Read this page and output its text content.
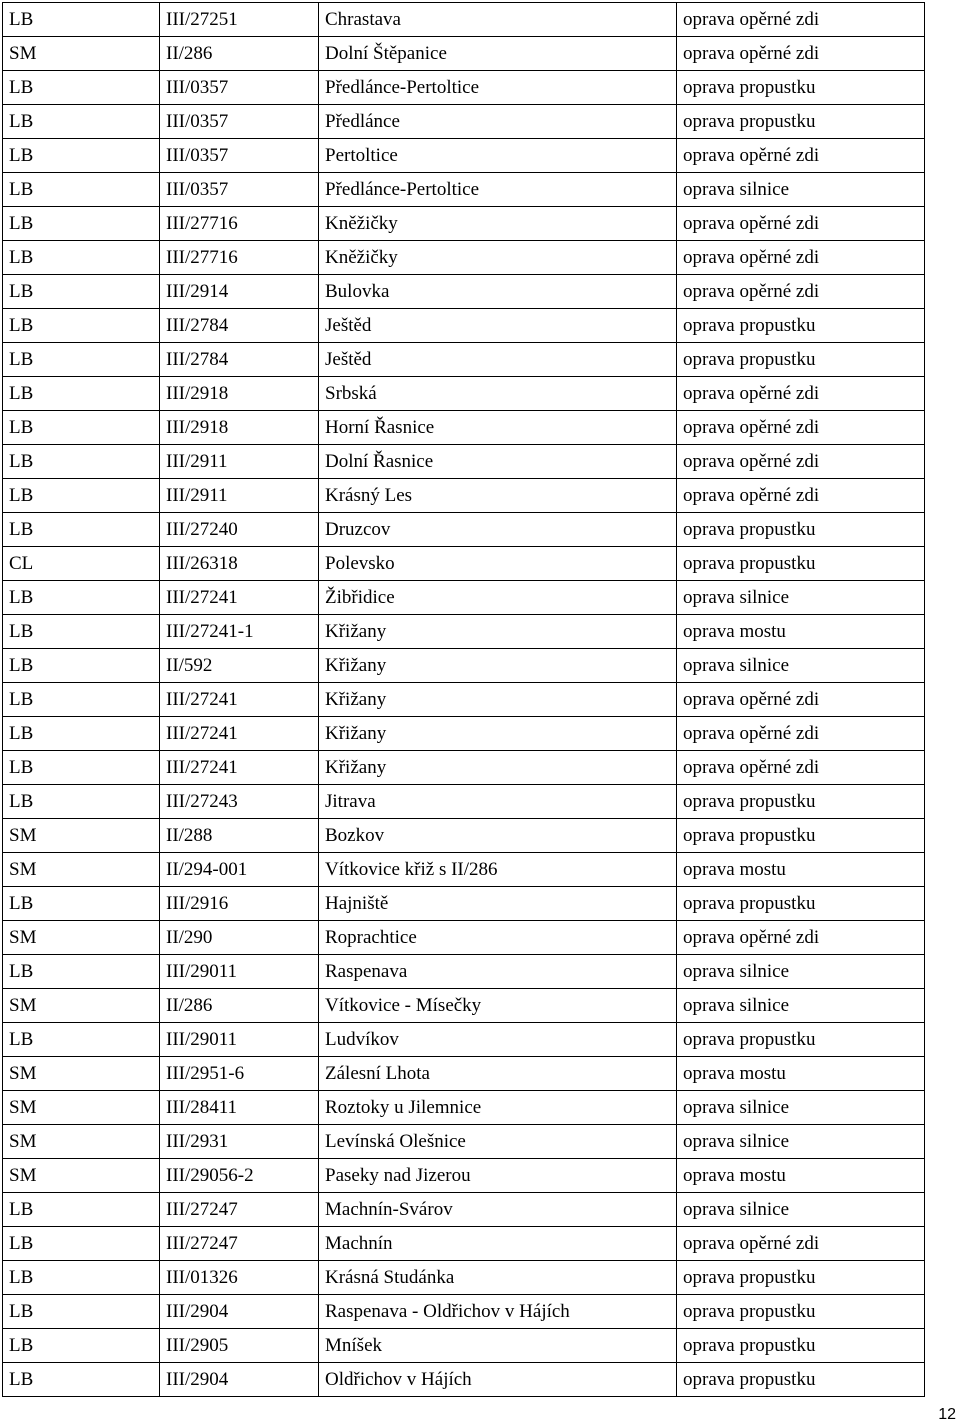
LB	III/27251	Chrastava	oprava opěrné zdi
SM	II/286	Dolní Štěpanice	oprava opěrné zdi
LB	III/0357	Předlánce-Pertoltice	oprava propustku
LB	III/0357	Předlánce	oprava propustku
LB	III/0357	Pertoltice	oprava opěrné zdi
LB	III/0357	Předlánce-Pertoltice	oprava silnice
LB	III/27716	Kněžičky	oprava opěrné zdi
LB	III/27716	Kněžičky	oprava opěrné zdi
LB	III/2914	Bulovka	oprava opěrné zdi
LB	III/2784	Ještěd	oprava propustku
LB	III/2784	Ještěd	oprava propustku
LB	III/2918	Srbská	oprava opěrné zdi
LB	III/2918	Horní Řasnice	oprava opěrné zdi
LB	III/2911	Dolní Řasnice	oprava opěrné zdi
LB	III/2911	Krásný Les	oprava opěrné zdi
LB	III/27240	Druzcov	oprava propustku
CL	III/26318	Polevsko	oprava propustku
LB	III/27241	Žibřidice	oprava silnice
LB	III/27241-1	Křižany	oprava mostu
LB	II/592	Křižany	oprava silnice
LB	III/27241	Křižany	oprava opěrné zdi
LB	III/27241	Křižany	oprava opěrné zdi
LB	III/27241	Křižany	oprava opěrné zdi
LB	III/27243	Jitrava	oprava propustku
SM	II/288	Bozkov	oprava propustku
SM	II/294-001	Vítkovice křiž s II/286	oprava mostu
LB	III/2916	Hajniště	oprava propustku
SM	II/290	Roprachtice	oprava opěrné zdi
LB	III/29011	Raspenava	oprava silnice
SM	II/286	Vítkovice - Mísečky	oprava silnice
LB	III/29011	Ludvíkov	oprava propustku
SM	III/2951-6	Zálesní Lhota	oprava mostu
SM	III/28411	Roztoky u Jilemnice	oprava silnice
SM	III/2931	Levínská Olešnice	oprava silnice
SM	III/29056-2	Paseky nad Jizerou	oprava mostu
LB	III/27247	Machnín-Svárov	oprava silnice
LB	III/27247	Machnín	oprava opěrné zdi
LB	III/01326	Krásná Studánka	oprava propustku
LB	III/2904	Raspenava - Oldřichov v Hájích	oprava propustku
LB	III/2905	Mníšek	oprava propustku
LB	III/2904	Oldřichov v Hájích	oprava propustku
12
